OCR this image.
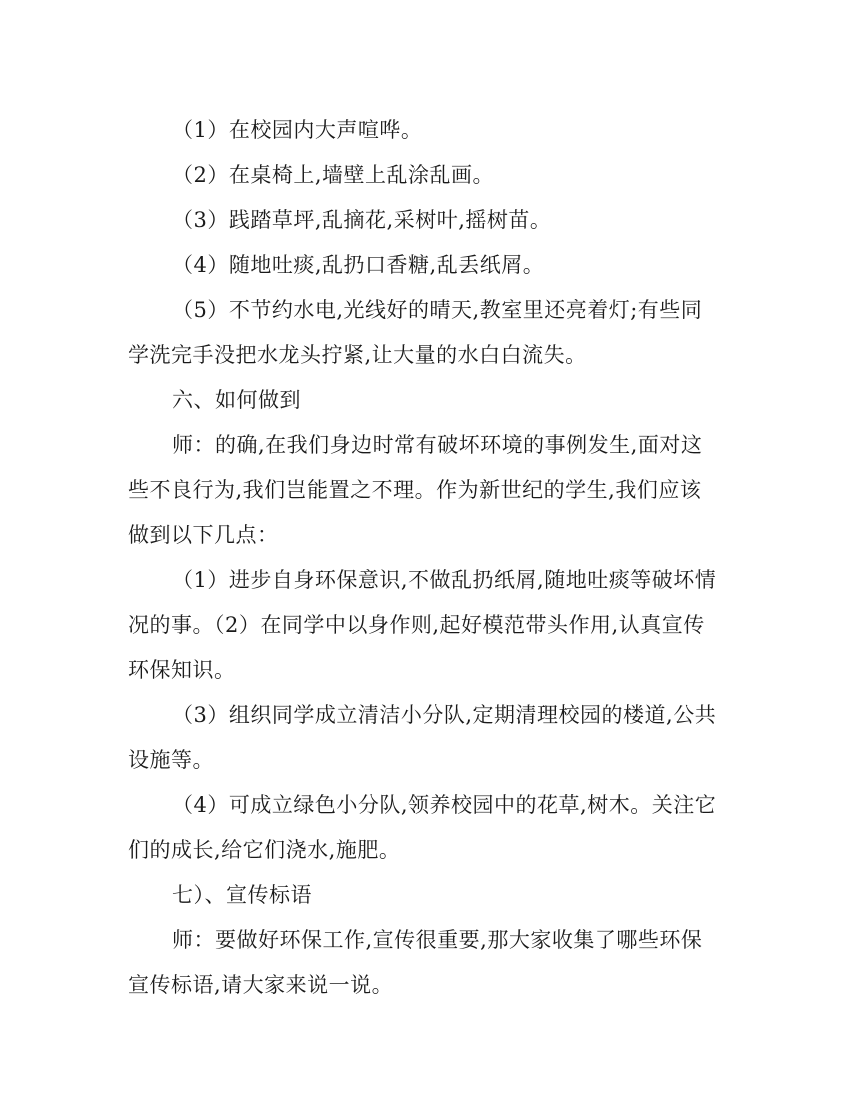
（1）在校园内大声喧哗。
（2）在桌椅上,墙壁上乱涂乱画。
（3）践踏草坪,乱摘花,采树叶,摇树苗。
（4）随地吐痰,乱扔口香糖,乱丢纸屑。
（5）不节约水电,光线好的晴天,教室里还亮着灯;有些同
学洗完手没把水龙头拧紧,让大量的水白白流失。
六、如何做到
师：的确,在我们身边时常有破坏环境的事例发生,面对这
些不良行为,我们岂能置之不理。作为新世纪的学生,我们应该
做到以下几点：
（1）进步自身环保意识,不做乱扔纸屑,随地吐痰等破坏情
况的事。（2）在同学中以身作则,起好模范带头作用,认真宣传
环保知识。
（3）组织同学成立清洁小分队,定期清理校园的楼道,公共
设施等。
（4）可成立绿色小分队,领养校园中的花草,树木。关注它
们的成长,给它们浇水,施肥。
七）、宣传标语
师：要做好环保工作,宣传很重要,那大家收集了哪些环保
宣传标语,请大家来说一说。
